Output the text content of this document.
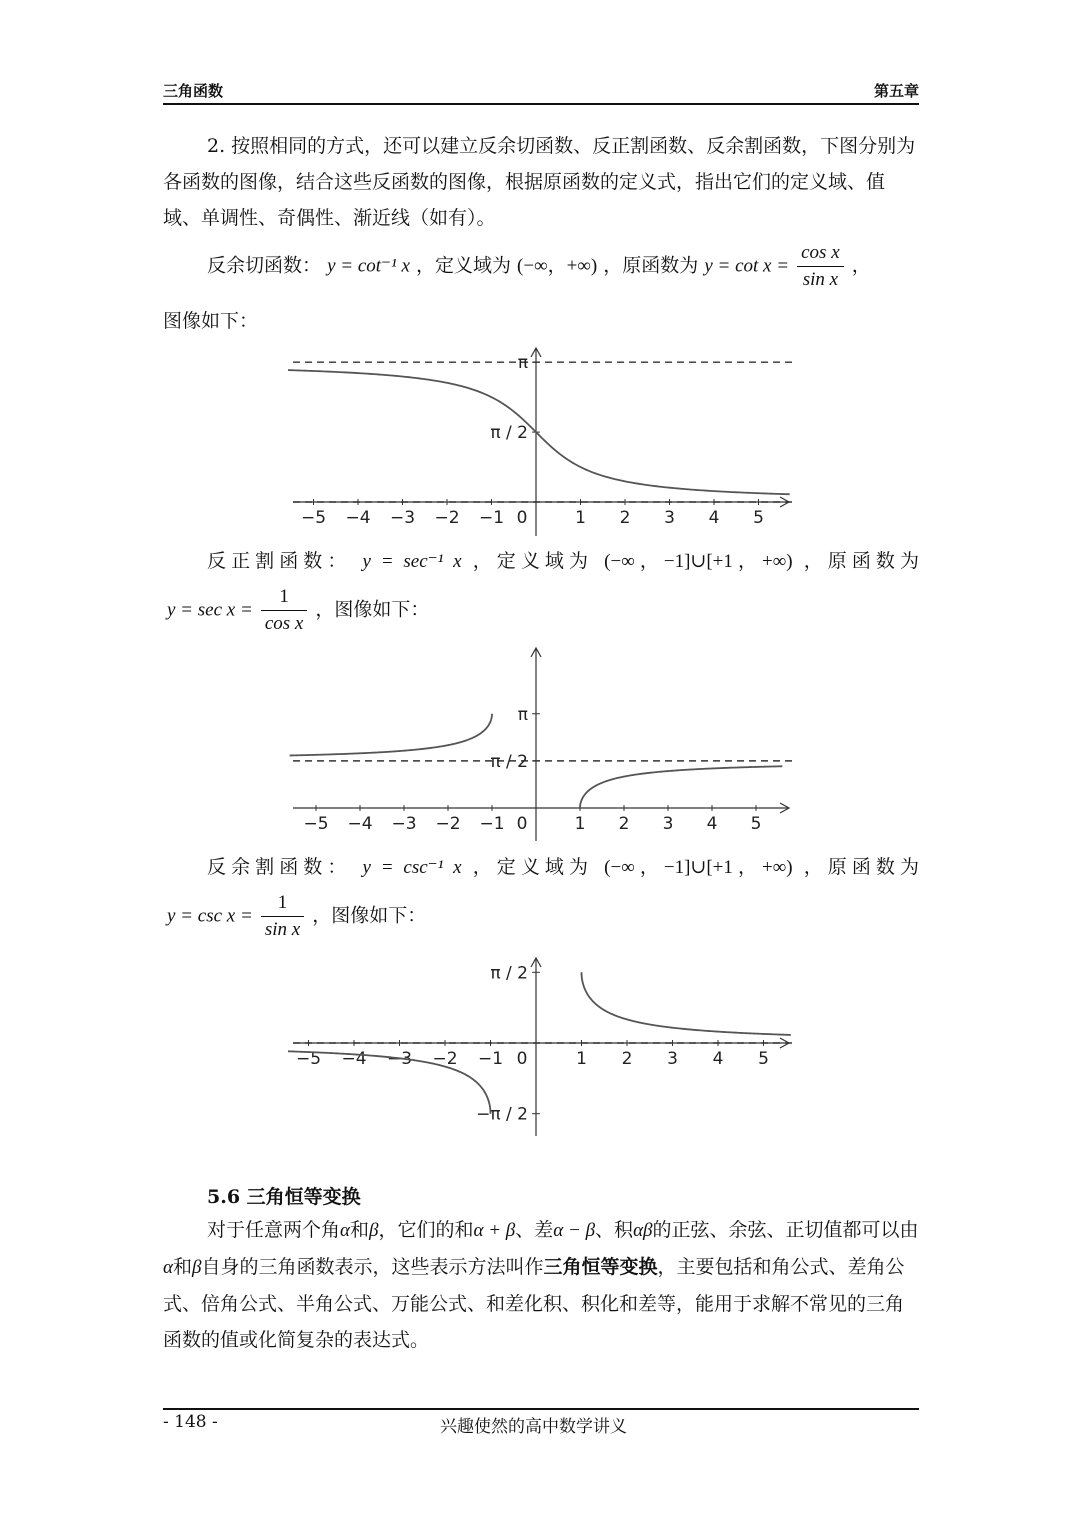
三角函数	第五章
2. 按照相同的方式，还可以建立反余切函数、反正割函数、反余割函数，下图分别为各函数的图像，结合这些反函数的图像，根据原函数的定义式，指出它们的定义域、值域、单调性、奇偶性、渐近线（如有）。
反余切函数： y = cot⁻¹ x ，定义域为 (−∞，+∞) ，原函数为 $y = \cot x = \frac{\text{cos x}}{\text{sin x}}$ ，
图像如下：
−5 −4 −3 −2 −1 0	1 2 3 4 5
π
π / 2
反正割函数： y = sec⁻¹ x ，定义域为 (−∞，−1]∪[+1，+∞) ，原函数为
$y = \sec x = \frac{1}{\text{cos x}}$ ，图像如下：
−5 −4 −3 −2 −1 0	1 2 3 4 5
π
π / 2
反余割函数： y = csc⁻¹ x ，定义域为 (−∞，−1]∪[+1，+∞) ，原函数为
$y = \csc x = \frac{1}{\text{sin x}}$ ，图像如下：
−5 −4 −3 −2 −1 0	1 2 3 4 5
π / 2
−π / 2
5.6 三角恒等变换
对于任意两个角α和β，它们的和α + β、差α − β、积αβ的正弦、余弦、正切值都可以由α和β自身的三角函数表示，这些表示方法叫作三角恒等变换，主要包括和角公式、差角公式、倍角公式、半角公式、万能公式、和差化积、积化和差等，能用于求解不常见的三角函数的值或化简复杂的表达式。
- 148 -	兴趣使然的高中数学讲义
